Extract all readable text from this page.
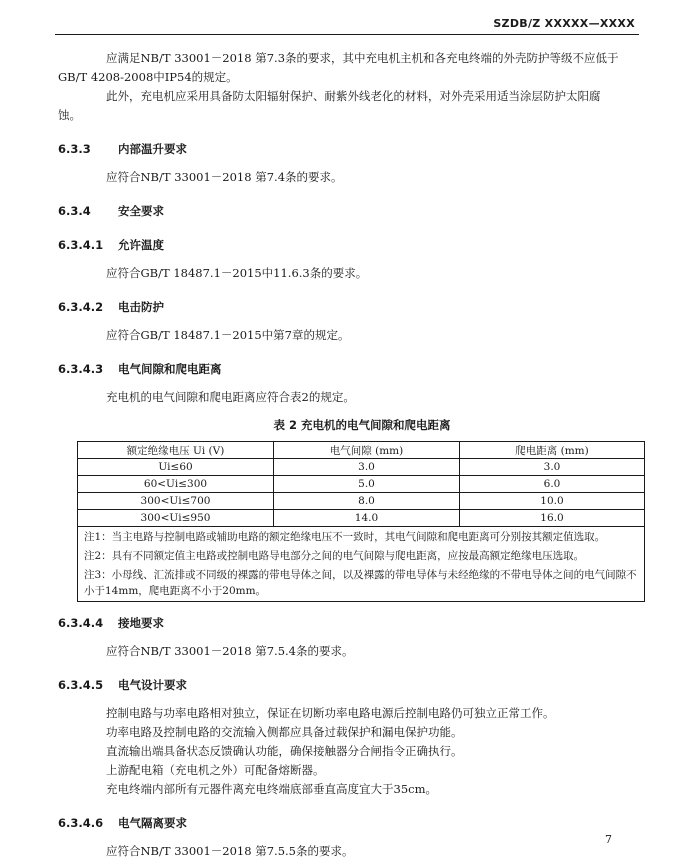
SZDB/Z XXXXX—XXXX
应满足NB/T 33001－2018 第7.3条的要求，其中充电机主机和各充电终端的外壳防护等级不应低于
GB/T 4208-2008中IP54的规定。
此外，充电机应采用具备防太阳辐射保护、耐紫外线老化的材料，对外壳采用适当涂层防护太阳腐
蚀。
6.3.3 内部温升要求
应符合NB/T 33001－2018 第7.4条的要求。
6.3.4 安全要求
6.3.4.1 允许温度
应符合GB/T 18487.1－2015中11.6.3条的要求。
6.3.4.2 电击防护
应符合GB/T 18487.1－2015中第7章的规定。
6.3.4.3 电气间隙和爬电距离
充电机的电气间隙和爬电距离应符合表2的规定。
表 2 充电机的电气间隙和爬电距离
额定绝缘电压 Ui (V)	电气间隙 (mm)	爬电距离 (mm)
Ui≤60	3.0	3.0
60<Ui≤300	5.0	6.0
300<Ui≤700	8.0	10.0
300<Ui≤950	14.0	16.0

注1：当主电路与控制电路或辅助电路的额定绝缘电压不一致时，其电气间隙和爬电距离可分别按其额定值选取。
注2：具有不同额定值主电路或控制电路导电部分之间的电气间隙与爬电距离，应按最高额定绝缘电压选取。
注3：小母线、汇流排或不同级的裸露的带电导体之间，以及裸露的带电导体与未经绝缘的不带电导体之间的电气间隙不小于14mm，爬电距离不小于20mm。		
6.3.4.4 接地要求
应符合NB/T 33001－2018 第7.5.4条的要求。
6.3.4.5 电气设计要求
控制电路与功率电路相对独立，保证在切断功率电路电源后控制电路仍可独立正常工作。
功率电路及控制电路的交流输入侧都应具备过载保护和漏电保护功能。
直流输出端具备状态反馈确认功能，确保接触器分合闸指令正确执行。
上游配电箱（充电机之外）可配备熔断器。
充电终端内部所有元器件离充电终端底部垂直高度宜大于35cm。
6.3.4.6 电气隔离要求
应符合NB/T 33001－2018 第7.5.5条的要求。
7
